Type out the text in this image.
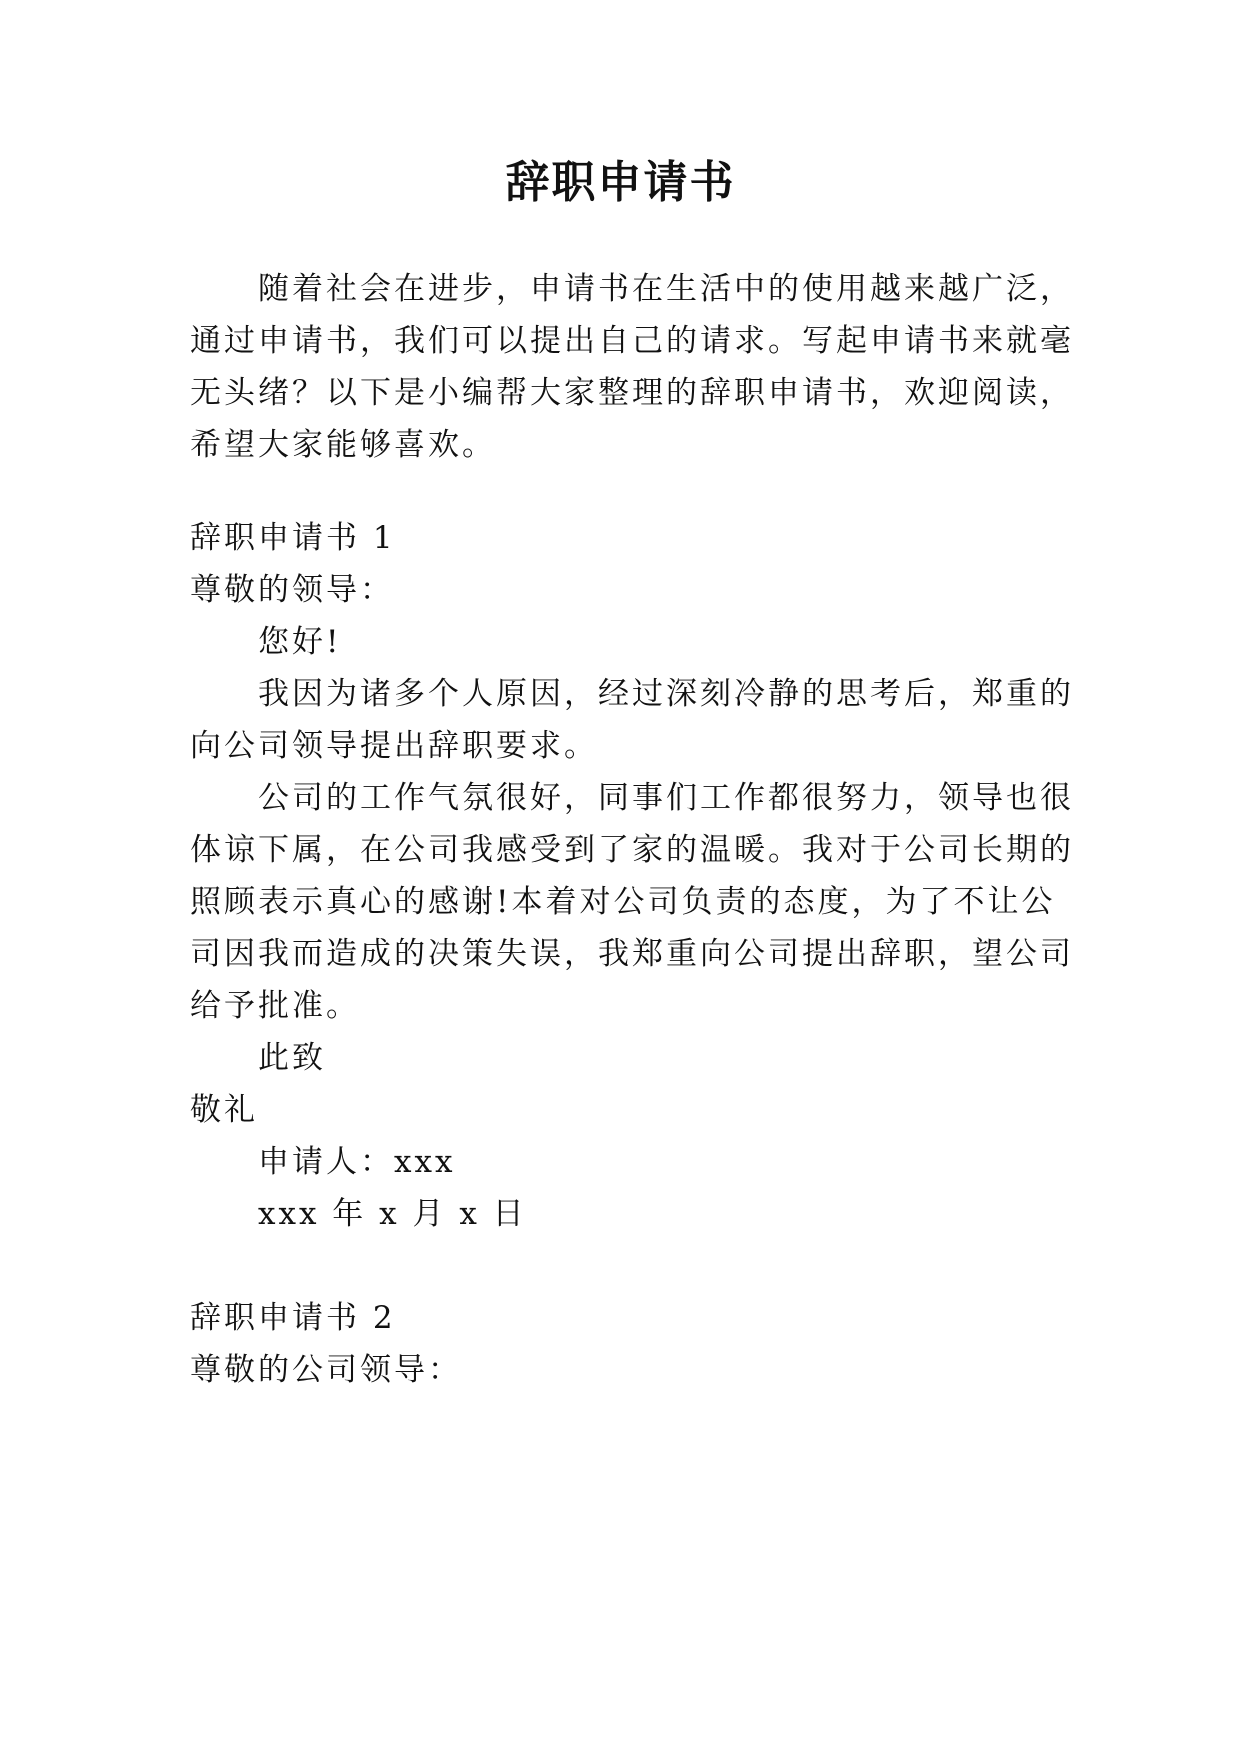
辞职申请书
随着社会在进步，申请书在生活中的使用越来越广泛，
通过申请书，我们可以提出自己的请求。写起申请书来就毫
无头绪？以下是小编帮大家整理的辞职申请书，欢迎阅读，
希望大家能够喜欢。
辞职申请书 1
尊敬的领导：
您好!
我因为诸多个人原因，经过深刻冷静的思考后，郑重的
向公司领导提出辞职要求。
公司的工作气氛很好，同事们工作都很努力，领导也很
体谅下属，在公司我感受到了家的温暖。我对于公司长期的
照顾表示真心的感谢!本着对公司负责的态度，为了不让公
司因我而造成的决策失误，我郑重向公司提出辞职，望公司
给予批准。
此致
敬礼
申请人：xxx
xxx 年 x 月 x 日
辞职申请书 2
尊敬的公司领导：
